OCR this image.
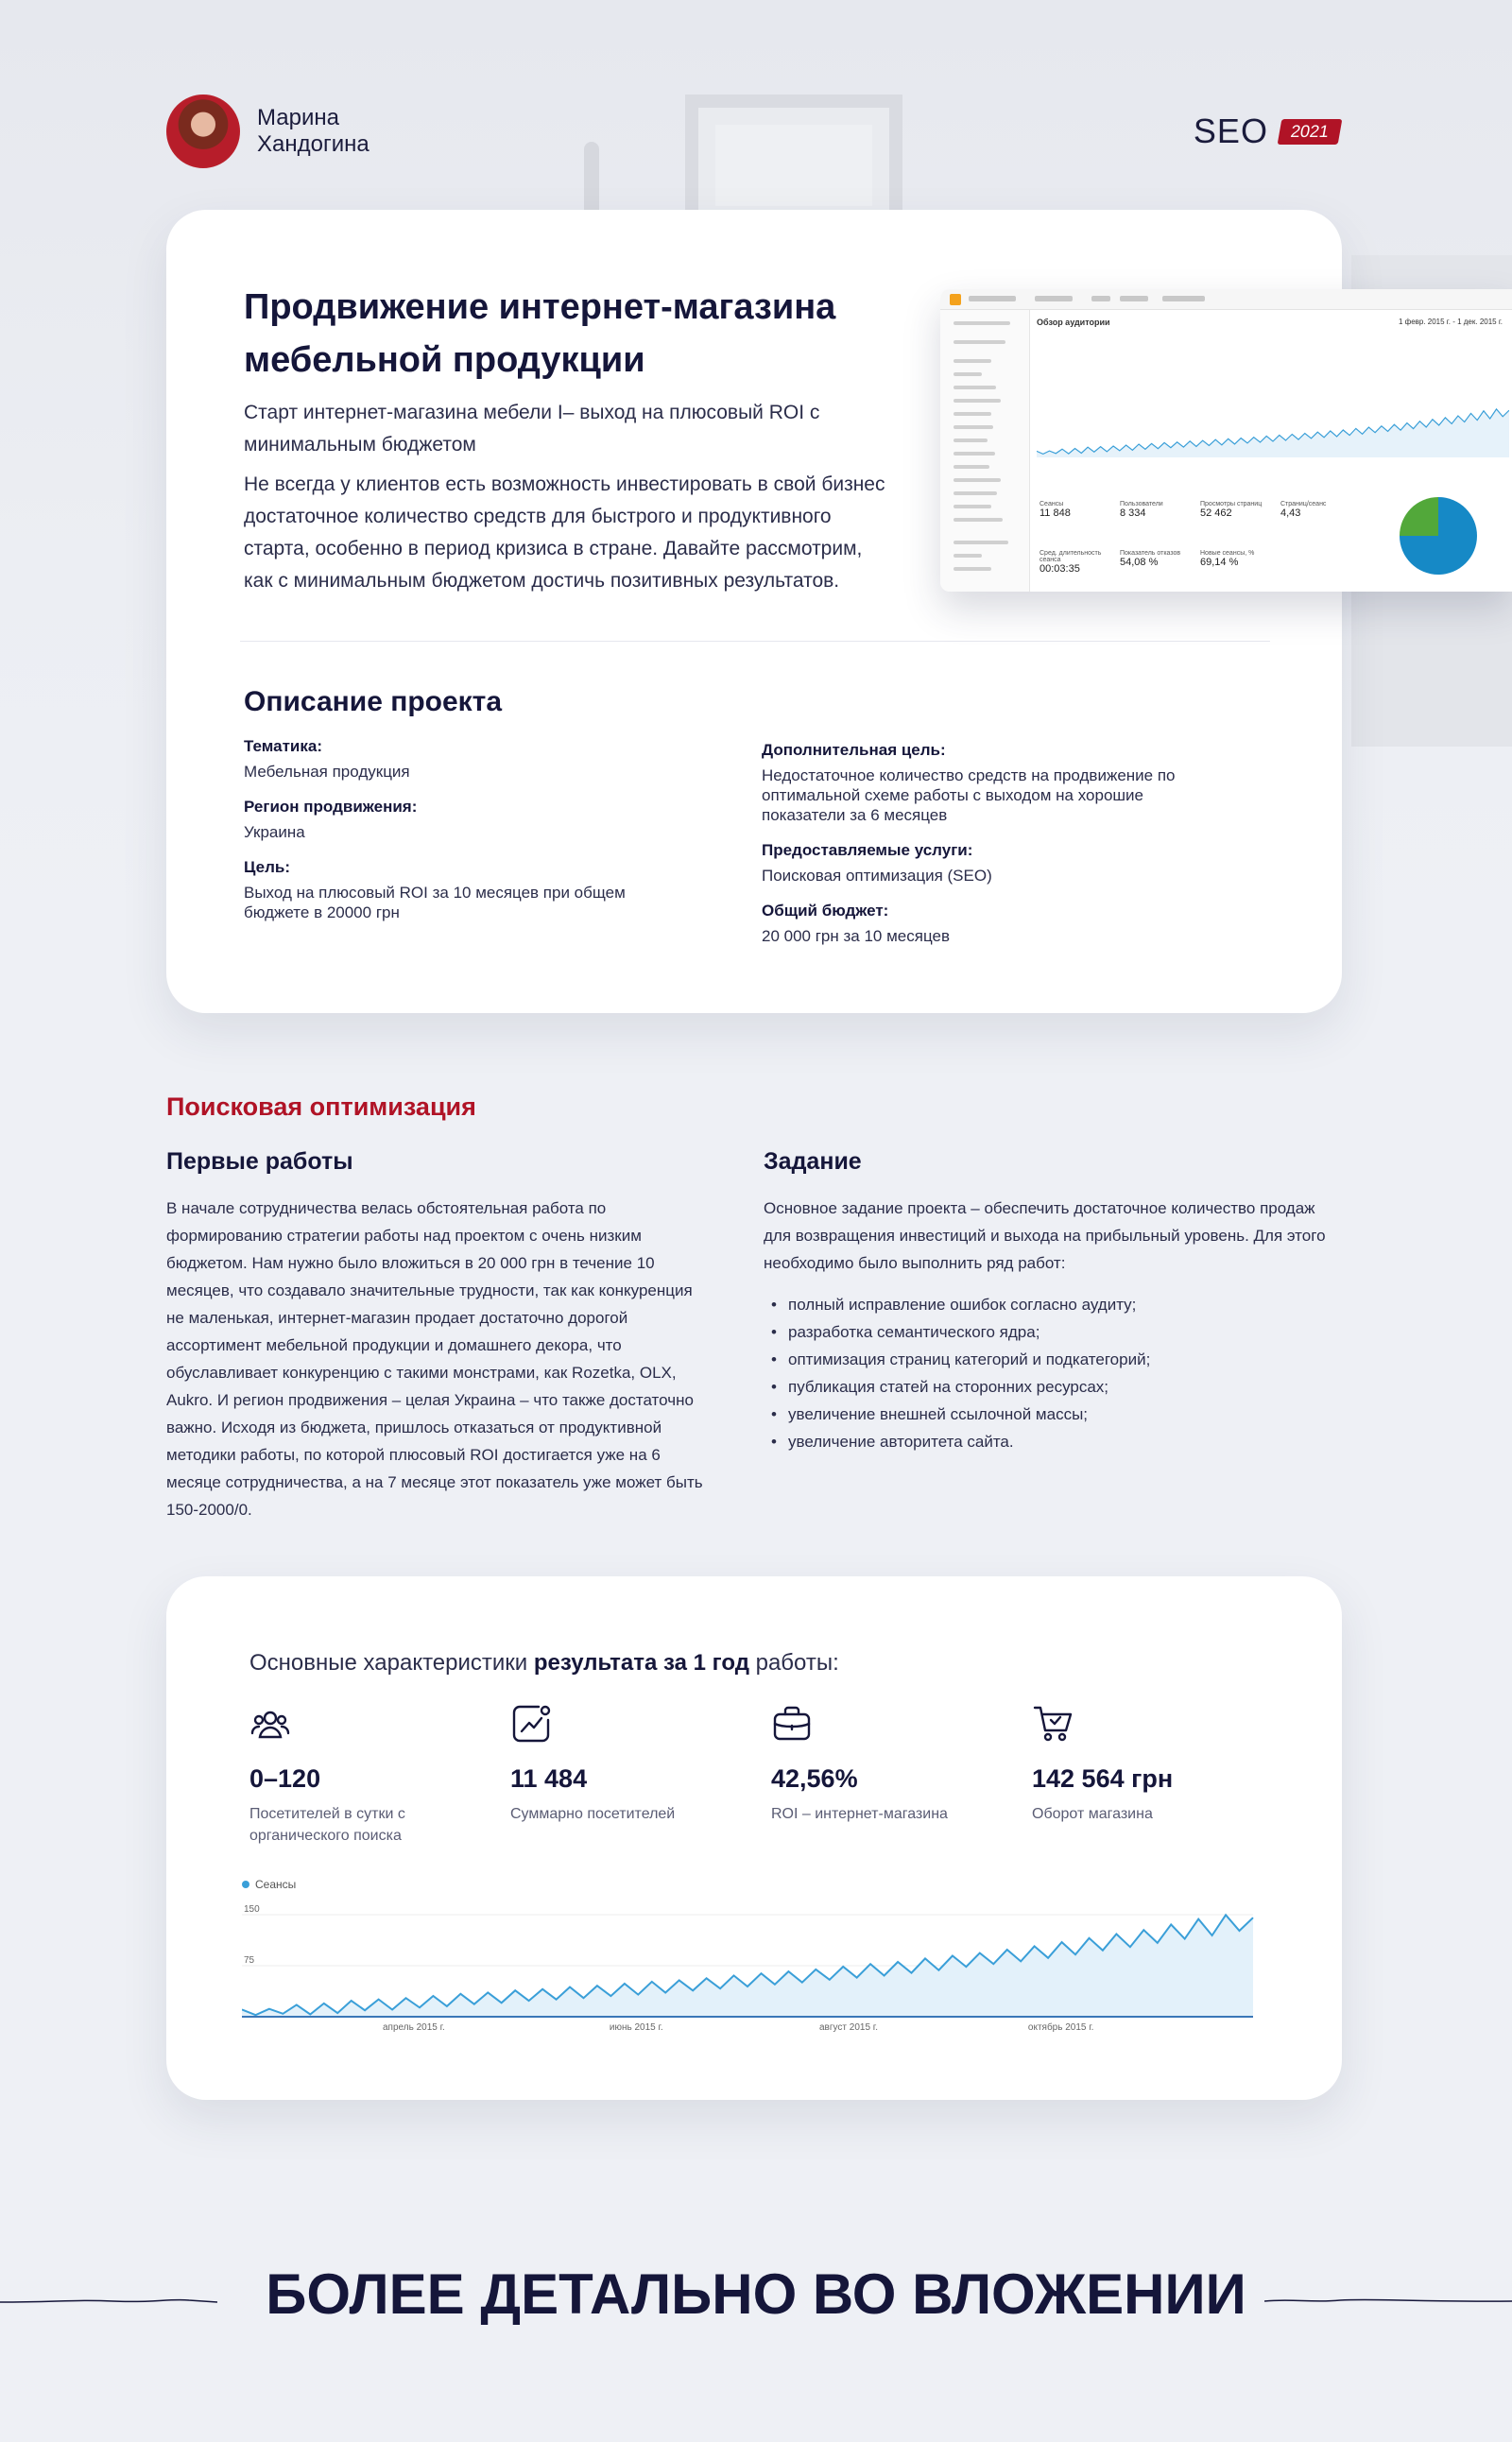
Марина
Хандогина	SEO	2021
Продвижение интернет-магазина мебельной продукции
Старт интернет-магазина мебели I– выход на плюсовый ROI с минимальным бюджетом
Не всегда у клиентов есть возможность инвестировать в свой бизнес достаточное количество средств для быстрого и продуктивного старта, особенно в период кризиса в стране. Давайте рассмотрим, как с минимальным бюджетом достичь позитивных результатов.
Описание проекта
Тематика:
Мебельная продукция
Регион продвижения:
Украина
Цель:
Выход на плюсовый ROI за 10 месяцев при общем бюджете в 20000 грн
Дополнительная цель:
Недостаточное количество средств на продвижение по оптимальной схеме работы с выходом на хорошие показатели за 6 месяцев
Предоставляемые услуги:
Поисковая оптимизация (SEO)
Общий бюджет:
20 000 грн за 10 месяцев
Обзор аудитории	1 февр. 2015 г. - 1 дек. 2015 г.
Сеансы
11 848
Пользователи
8 334
Просмотры страниц
52 462
Страниц/сеанс
4,43
Сред. длительность сеанса
00:03:35
Показатель отказов
54,08 %
Новые сеансы, %
69,14 %
Поисковая оптимизация
Первые работы
В начале сотрудничества велась обстоятельная работа по формированию стратегии работы над проектом с очень низким бюджетом. Нам нужно было вложиться в 20 000 грн в течение 10 месяцев, что создавало значительные трудности, так как конкуренция не маленькая, интернет-магазин продает достаточно дорогой ассортимент мебельной продукции и домашнего декора, что обуславливает конкуренцию с такими монстрами, как Rozetka, OLX, Aukro. И регион продвижения – целая Украина – что также достаточно важно. Исходя из бюджета, пришлось отказаться от продуктивной методики работы, по которой плюсовый ROI достигается уже на 6 месяце сотрудничества, а на 7 месяце этот показатель уже может быть 150-2000/0.
Задание
Основное задание проекта – обеспечить достаточное количество продаж для возвращения инвестиций и выхода на прибыльный уровень. Для этого необходимо было выполнить ряд работ:
• полный исправление ошибок согласно аудиту;
• разработка семантического ядра;
• оптимизация страниц категорий и подкатегорий;
• публикация статей на сторонних ресурсах;
• увеличение внешней ссылочной массы;
• увеличение авторитета сайта.
Основные характеристики результата за 1 год работы:
0–120
Посетителей в сутки с органического поиска
11 484
Суммарно посетителей
42,56%
ROI – интернет-магазина
142 564 грн
Оборот магазина
Сеансы
150
75
апрель 2015 г.	июнь 2015 г.	август 2015 г.	октябрь 2015 г.
БОЛЕЕ ДЕТАЛЬНО ВО ВЛОЖЕНИИ
